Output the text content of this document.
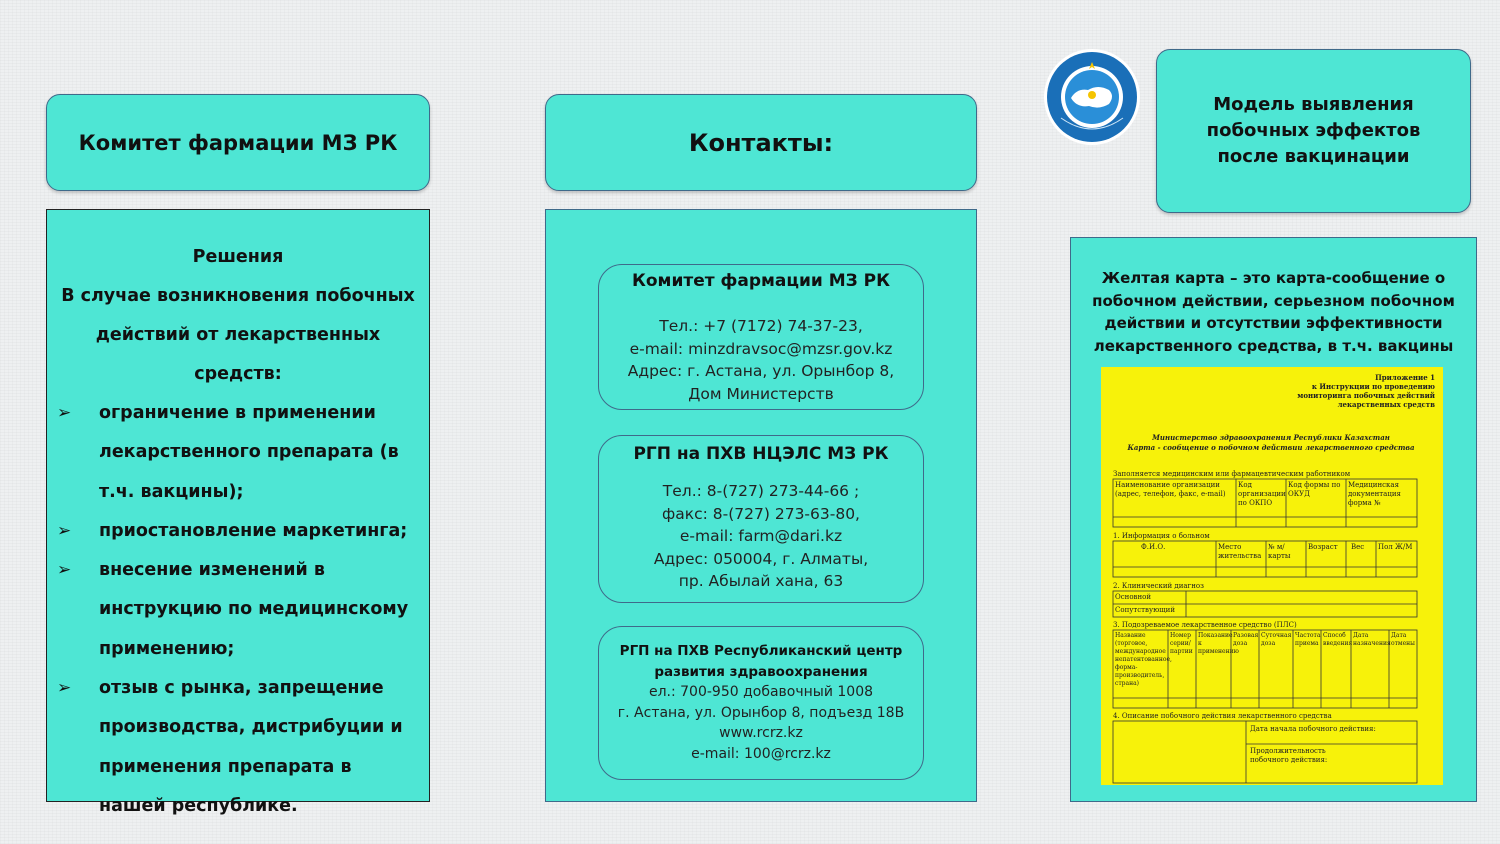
Комитет фармации МЗ РК	Контакты:
Модель выявления побочных эффектов после вакцинации
Решения
В случае возникновения побочных действий от лекарственных средств:
➢ ограничение в применении лекарственного препарата (в т.ч. вакцины);
➢ приостановление маркетинга;
➢ внесение изменений в инструкцию по медицинскому применению;
➢ отзыв с рынка, запрещение производства, дистрибуции и применения препарата в нашей республике.
Комитет фармации МЗ РК
Тел.: +7 (7172) 74-37-23,
e-mail: minzdravsoc@mzsr.gov.kz
Адрес: г. Астана, ул. Орынбор 8,
Дом Министерств
РГП на ПХВ НЦЭЛС МЗ РК
Тел.: 8-(727) 273-44-66 ;
факс: 8-(727) 273-63-80,
e-mail: farm@dari.kz
Адрес: 050004, г. Алматы,
пр. Абылай хана, 63
РГП на ПХВ Республиканский центр развития здравоохранения
ел.: 700-950 добавочный 1008
г. Астана, ул. Орынбор 8, подъезд 18В
www.rcrz.kz
e-mail: 100@rcrz.kz
Желтая карта – это карта-сообщение о побочном действии, серьезном побочном действии и отсутствии эффективности лекарственного средства, в т.ч. вакцины
Приложение 1
к Инструкции по проведению
мониторинга побочных действий
лекарственных средств
Министерство здравоохранения Республики Казахстан
Карта - сообщение о побочном действии лекарственного средства
Заполняется медицинским или фармацевтическим работником
Наименование организации (адрес, телефон, факс, e-mail)
Код организации по ОКПО
Код формы по ОКУД
Медицинская документация форма №
1. Информация о больном
Ф.И.О.	Место жительства
№ м/карты
Возраст Вес Пол Ж/М
2. Клинический диагноз
Основной
Сопутствующий
3. Подозреваемое лекарственное средство (ПЛС)
Название (торговое, международное непатентованное, форма-производитель, страна)
Номер серии/партии
Показание к применению
Разовая доза
Суточная доза
Частота приема
Способ введения
Дата назначения
Дата отмены
4. Описание побочного действия лекарственного средства
Дата начала побочного действия:
Продолжительность побочного действия:
